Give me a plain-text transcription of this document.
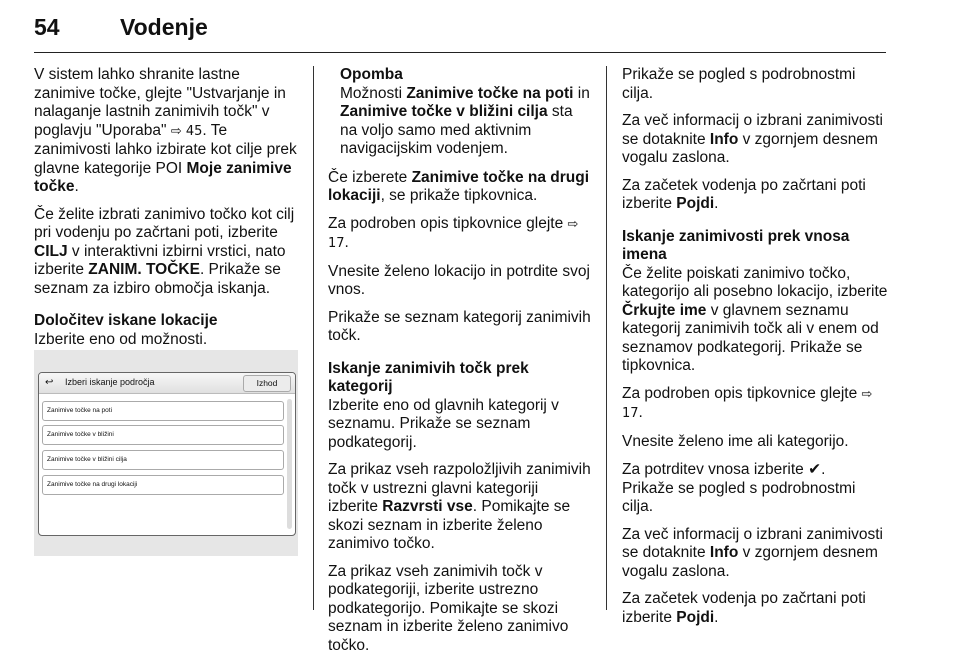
54	Vodenje

V sistem lahko shranite lastne zanimive točke, glejte "Ustvarjanje in nalaganje lastnih zanimivih točk" v poglavju "Uporaba" ⇨ 45. Te zanimivosti lahko izbirate kot cilje prek glavne kategorije POI Moje zanimive točke.

Če želite izbrati zanimivo točko kot cilj pri vodenju po začrtani poti, izberite CILJ v interaktivni izbirni vrstici, nato izberite ZANIM. TOČKE. Prikaže se seznam za izbiro območja iskanja.

Določitev iskane lokacije

Izberite eno od možnosti.

↩ Izberi iskanje področja	Izhod
Zanimive točke na poti
Zanimive točke v bližini
Zanimive točke v bližini cilja
Zanimive točke na drugi lokaciji
Opomba
Možnosti Zanimive točke na poti in Zanimive točke v bližini cilja sta na voljo samo med aktivnim navigacijskim vodenjem.

Če izberete Zanimive točke na drugi lokaciji, se prikaže tipkovnica.

Za podroben opis tipkovnice glejte ⇨ 17.

Vnesite želeno lokacijo in potrdite svoj vnos.

Prikaže se seznam kategorij zanimivih točk.

Iskanje zanimivih točk prek kategorij

Izberite eno od glavnih kategorij v seznamu. Prikaže se seznam podkategorij.

Za prikaz vseh razpoložljivih zanimivih točk v ustrezni glavni kategoriji izberite Razvrsti vse. Pomikajte se skozi seznam in izberite želeno zanimivo točko.

Za prikaz vseh zanimivih točk v podkategoriji, izberite ustrezno podkategorijo. Pomikajte se skozi seznam in izberite želeno zanimivo točko.

Prikaže se pogled s podrobnostmi cilja.

Za več informacij o izbrani zanimivosti se dotaknite Info v zgornjem desnem vogalu zaslona.

Za začetek vodenja po začrtani poti izberite Pojdi.

Iskanje zanimivosti prek vnosa imena

Če želite poiskati zanimivo točko, kategorijo ali posebno lokacijo, izberite Črkujte ime v glavnem seznamu kategorij zanimivih točk ali v enem od seznamov podkategorij. Prikaže se tipkovnica.

Za podroben opis tipkovnice glejte ⇨ 17.

Vnesite želeno ime ali kategorijo.

Za potrditev vnosa izberite ✔.

Prikaže se pogled s podrobnostmi cilja.

Za več informacij o izbrani zanimivosti se dotaknite Info v zgornjem desnem vogalu zaslona.

Za začetek vodenja po začrtani poti izberite Pojdi.
